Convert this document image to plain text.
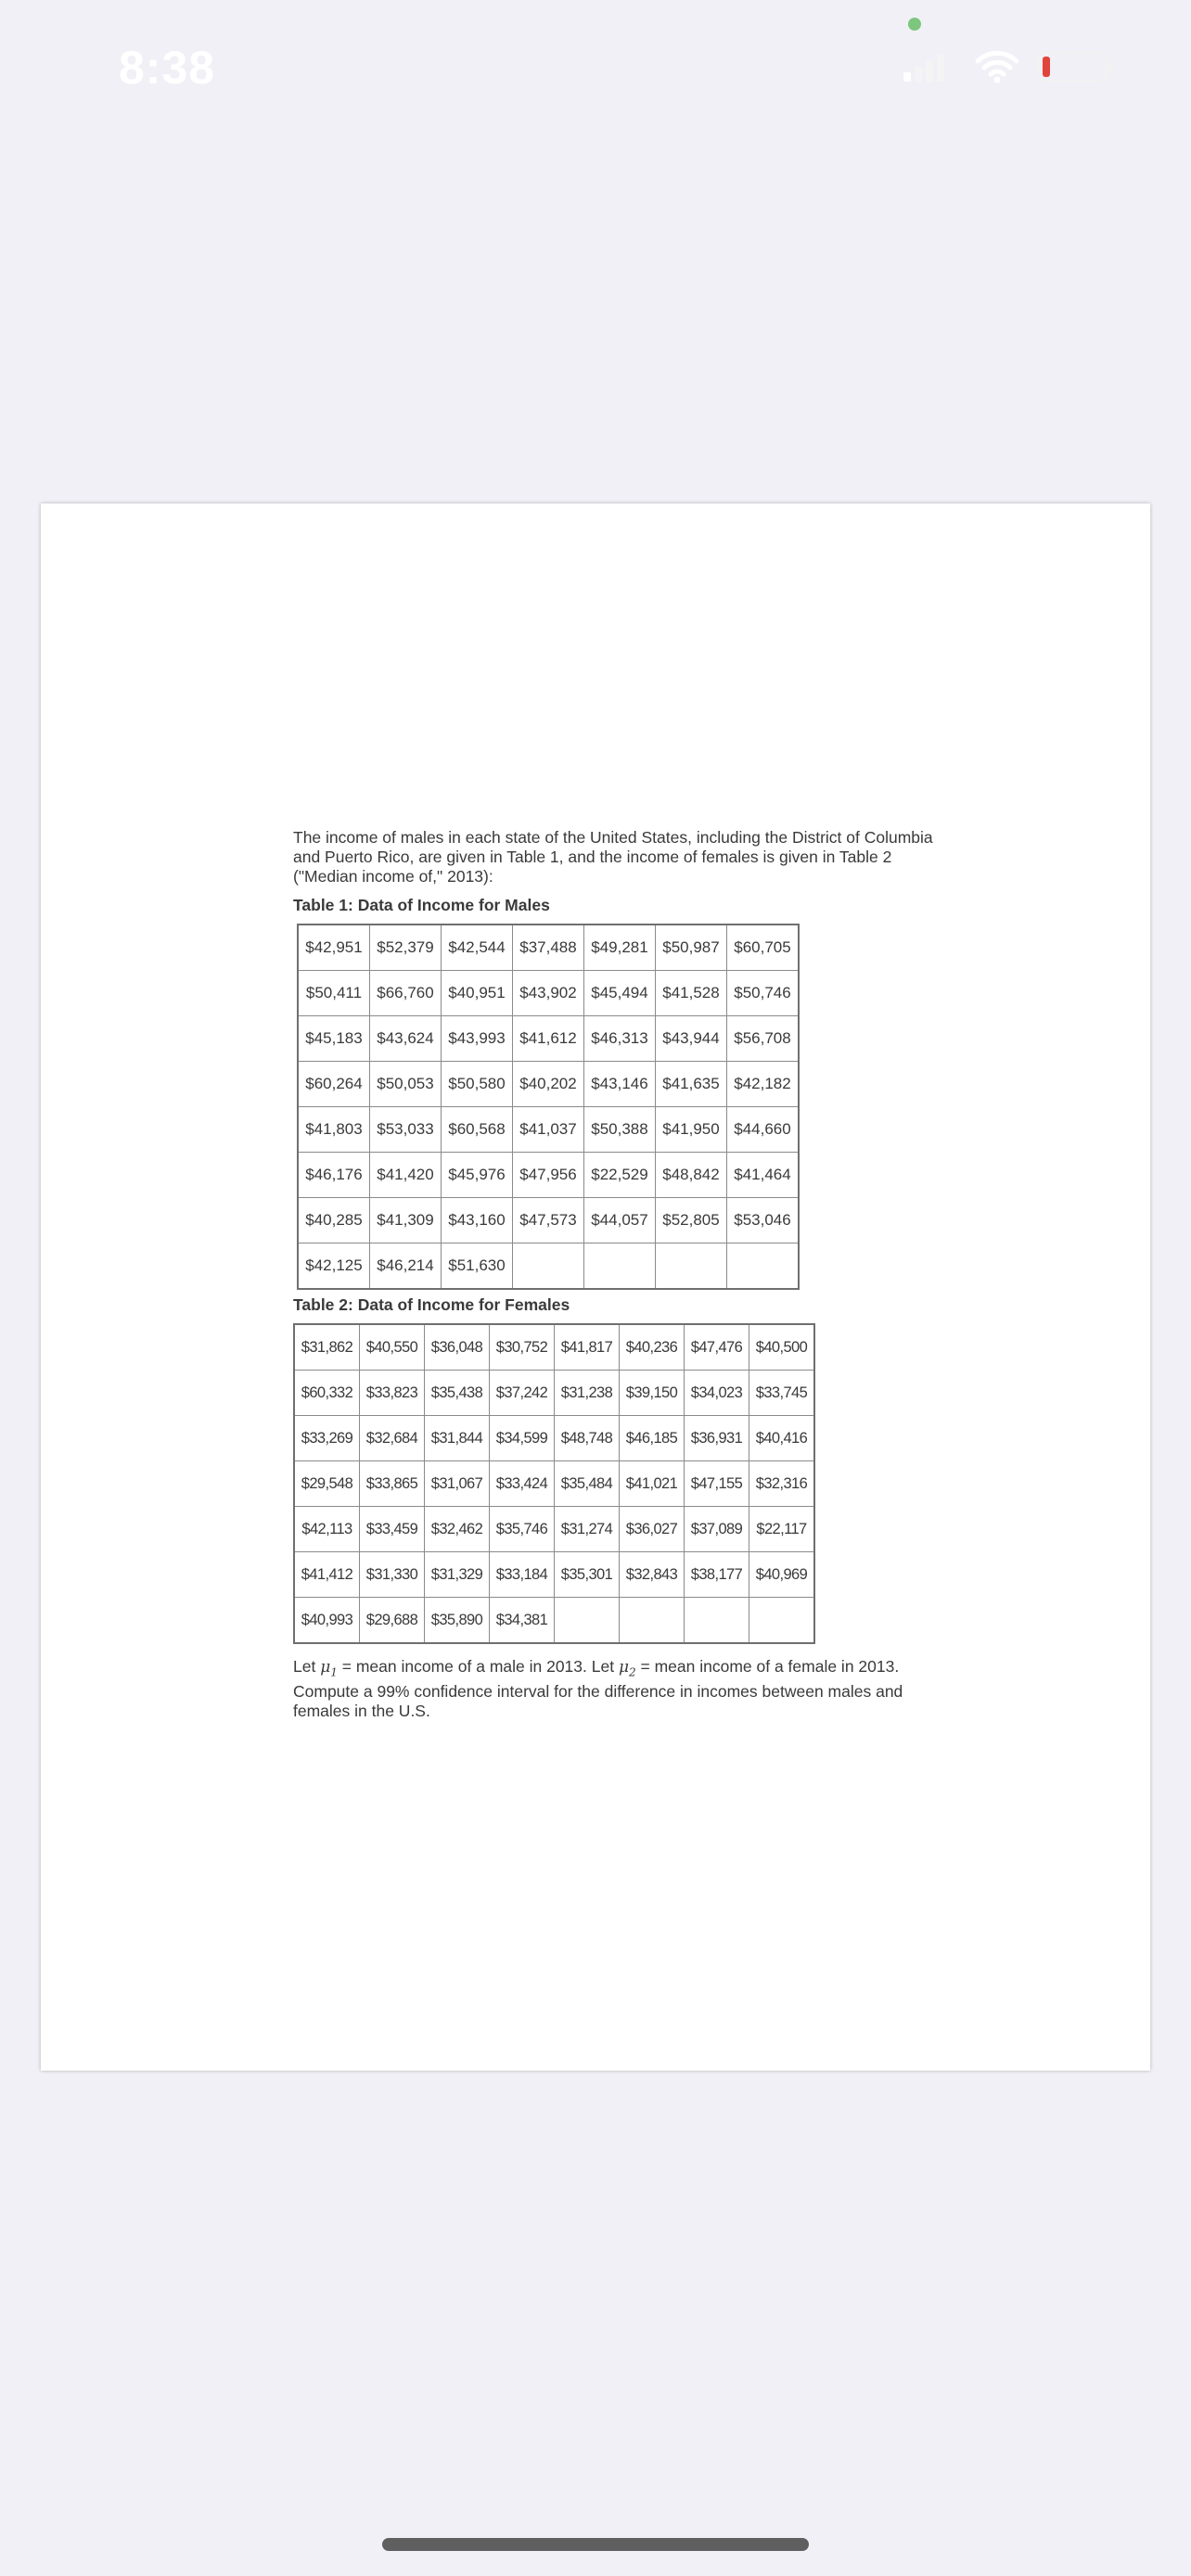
8:38

The income of males in each state of the United States, including the District of Columbia and Puerto Rico, are given in Table 1, and the income of females is given in Table 2 ("Median income of," 2013):

Table 1: Data of Income for Males
$42,951	$52,379	$42,544	$37,488	$49,281	$50,987	$60,705
$50,411	$66,760	$40,951	$43,902	$45,494	$41,528	$50,746
$45,183	$43,624	$43,993	$41,612	$46,313	$43,944	$56,708
$60,264	$50,053	$50,580	$40,202	$43,146	$41,635	$42,182
$41,803	$53,033	$60,568	$41,037	$50,388	$41,950	$44,660
$46,176	$41,420	$45,976	$47,956	$22,529	$48,842	$41,464
$40,285	$41,309	$43,160	$47,573	$44,057	$52,805	$53,046
$42,125	$46,214	$51,630				
Table 2: Data of Income for Females
$31,862	$40,550	$36,048	$30,752	$41,817	$40,236	$47,476	$40,500
$60,332	$33,823	$35,438	$37,242	$31,238	$39,150	$34,023	$33,745
$33,269	$32,684	$31,844	$34,599	$48,748	$46,185	$36,931	$40,416
$29,548	$33,865	$31,067	$33,424	$35,484	$41,021	$47,155	$32,316
$42,113	$33,459	$32,462	$35,746	$31,274	$36,027	$37,089	$22,117
$41,412	$31,330	$31,329	$33,184	$35,301	$32,843	$38,177	$40,969
$40,993	$29,688	$35,890	$34,381				

Let $\mu_1$ = mean income of a male in 2013. Let $\mu_2$ = mean income of a female in 2013. Compute a 99% confidence interval for the difference in incomes between males and females in the U.S.
